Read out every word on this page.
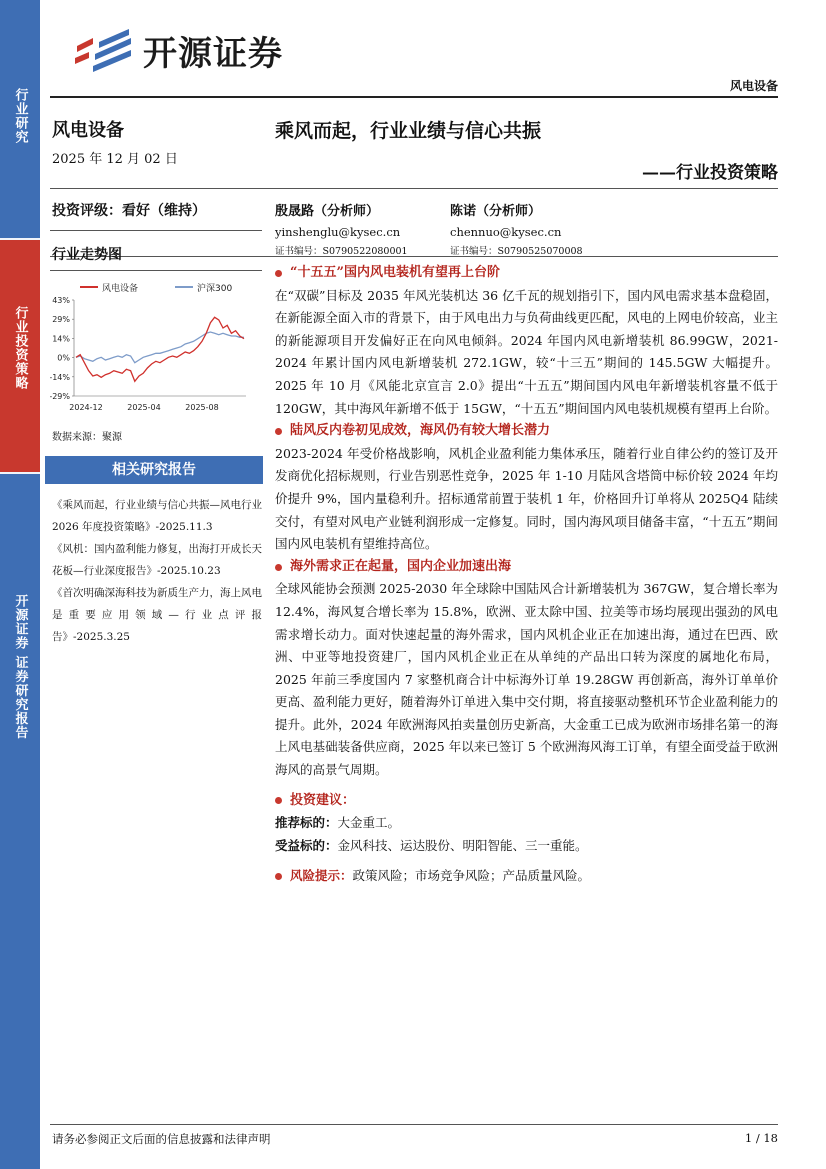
行业研究
行业投资策略
开源证券 证券研究报告
开源证券
风电设备
风电设备
2025 年 12 月 02 日
乘风而起，行业业绩与信心共振
——行业投资策略
投资评级：看好（维持）	殷晟路（分析师）
yinshenglu@kysec.cn
证书编号：S0790522080001
陈诺（分析师）
chennuo@kysec.cn
证书编号：S0790525070008
行业走势图
风电设备	沪深300
43%
29%
14%
0%
-14%
-29%
2024-12	2025-04	2025-08
数据来源：聚源
相关研究报告
《乘风而起，行业业绩与信心共振—风电行业 2026 年度投资策略》-2025.11.3
《风机：国内盈利能力修复，出海打开成长天花板—行业深度报告》-2025.10.23
《首次明确深海科技为新质生产力，海上风电是重要应用领域—行业点评报告》-2025.3.25
“十五五”国内风电装机有望再上台阶
在“双碳”目标及 2035 年风光装机达 36 亿千瓦的规划指引下，国内风电需求基本盘稳固，在新能源全面入市的背景下，由于风电出力与负荷曲线更匹配，风电的上网电价较高，业主的新能源项目开发偏好正在向风电倾斜。2024 年国内风电新增装机 86.99GW，2021-2024 年累计国内风电新增装机 272.1GW，较“十三五”期间的 145.5GW 大幅提升。2025 年 10 月《风能北京宣言 2.0》提出“十五五”期间国内风电年新增装机容量不低于 120GW，其中海风年新增不低于 15GW，“十五五”期间国内风电装机规模有望再上台阶。
陆风反内卷初见成效，海风仍有较大增长潜力
2023-2024 年受价格战影响，风机企业盈利能力集体承压，随着行业自律公约的签订及开发商优化招标规则，行业告别恶性竞争，2025 年 1-10 月陆风含塔筒中标价较 2024 年均价提升 9%，国内量稳利升。招标通常前置于装机 1 年，价格回升订单将从 2025Q4 陆续交付，有望对风电产业链利润形成一定修复。同时，国内海风项目储备丰富，“十五五”期间国内风电装机有望维持高位。
海外需求正在起量，国内企业加速出海
全球风能协会预测 2025-2030 年全球除中国陆风合计新增装机为 367GW，复合增长率为 12.4%，海风复合增长率为 15.8%，欧洲、亚太除中国、拉美等市场均展现出强劲的风电需求增长动力。面对快速起量的海外需求，国内风机企业正在加速出海，通过在巴西、欧洲、中亚等地投资建厂，国内风机企业正在从单纯的产品出口转为深度的属地化布局，2025 年前三季度国内 7 家整机商合计中标海外订单 19.28GW 再创新高，海外订单单价更高、盈利能力更好，随着海外订单进入集中交付期，将直接驱动整机环节企业盈利能力的提升。此外，2024 年欧洲海风拍卖量创历史新高，大金重工已成为欧洲市场排名第一的海上风电基础装备供应商，2025 年以来已签订 5 个欧洲海风海工订单，有望全面受益于欧洲海风的高景气周期。
投资建议：
推荐标的：大金重工。
受益标的：金风科技、运达股份、明阳智能、三一重能。
风险提示： 政策风险；市场竞争风险；产品质量风险。
请务必参阅正文后面的信息披露和法律声明	1 / 18
